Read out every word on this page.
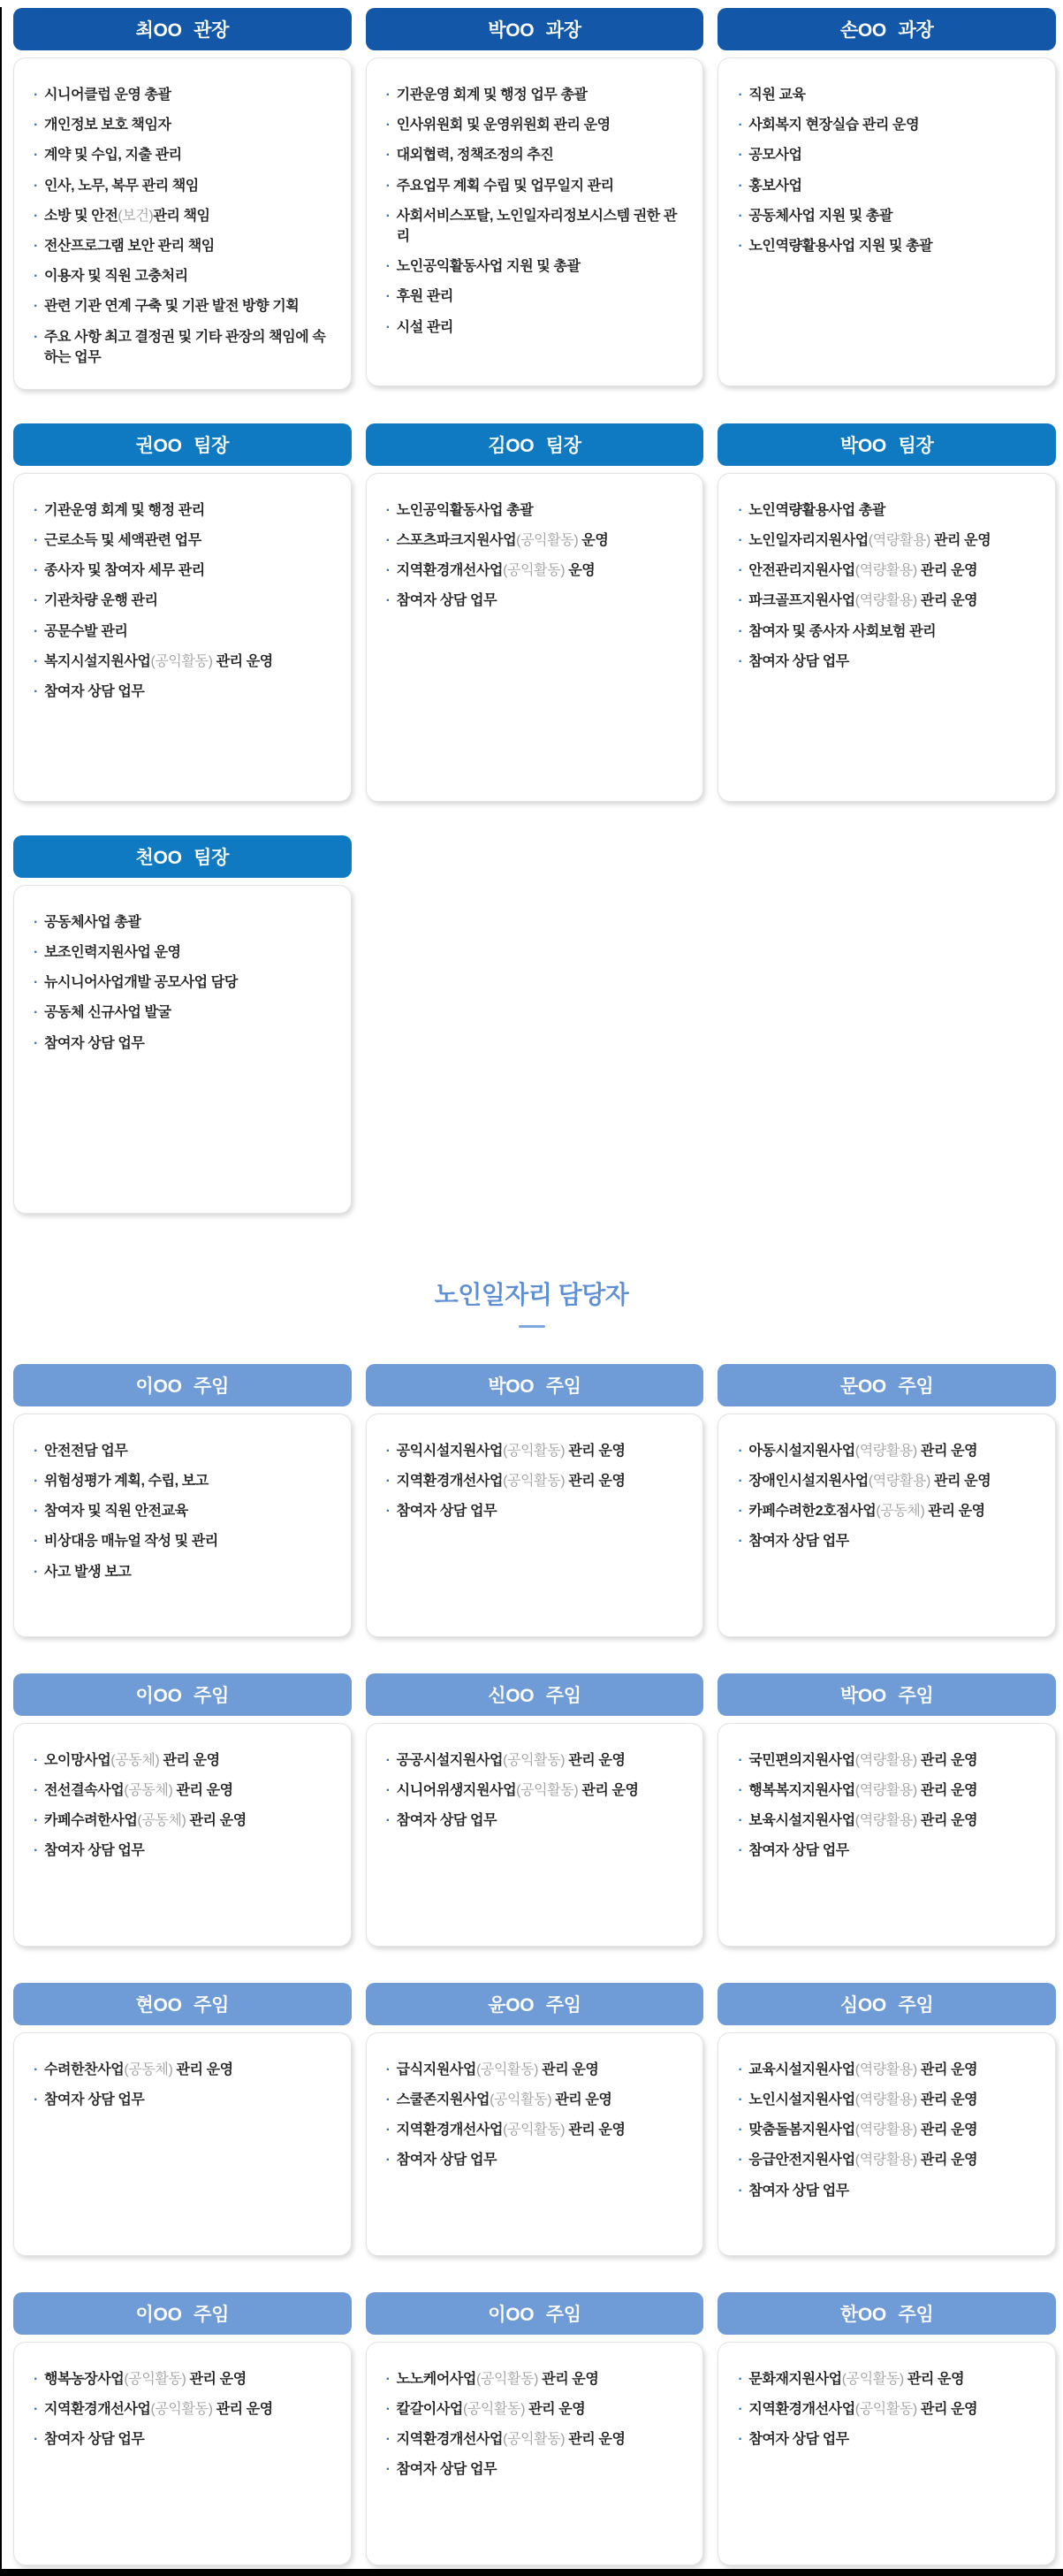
최OO 관장
· 시니어클럽 운영 총괄
· 개인정보 보호 책임자
· 계약 및 수입, 지출 관리
· 인사, 노무, 복무 관리 책임
· 소방 및 안전(보건)관리 책임
· 전산프로그램 보안 관리 책임
· 이용자 및 직원 고충처리
· 관련 기관 연계 구축 및 기관 발전 방향 기획
· 주요 사항 최고 결정권 및 기타 관장의 책임에 속하는 업무
박OO 과장
· 기관운영 회계 및 행정 업무 총괄
· 인사위원회 및 운영위원회 관리 운영
· 대외협력, 정책조정의 추진
· 주요업무 계획 수립 및 업무일지 관리
· 사회서비스포탈, 노인일자리정보시스템 권한 관리
· 노인공익활동사업 지원 및 총괄
· 후원 관리
· 시설 관리
손OO 과장
· 직원 교육
· 사회복지 현장실습 관리 운영
· 공모사업
· 홍보사업
· 공동체사업 지원 및 총괄
· 노인역량활용사업 지원 및 총괄
권OO 팀장
· 기관운영 회계 및 행정 관리
· 근로소득 및 세액관련 업무
· 종사자 및 참여자 세무 관리
· 기관차량 운행 관리
· 공문수발 관리
· 복지시설지원사업(공익활동) 관리 운영
· 참여자 상담 업무
김OO 팀장
· 노인공익활동사업 총괄
· 스포츠파크지원사업(공익활동) 운영
· 지역환경개선사업(공익활동) 운영
· 참여자 상담 업무
박OO 팀장
· 노인역량활용사업 총괄
· 노인일자리지원사업(역량활용) 관리 운영
· 안전관리지원사업(역량활용) 관리 운영
· 파크골프지원사업(역량활용) 관리 운영
· 참여자 및 종사자 사회보험 관리
· 참여자 상담 업무
천OO 팀장
· 공동체사업 총괄
· 보조인력지원사업 운영
· 뉴시니어사업개발 공모사업 담당
· 공동체 신규사업 발굴
· 참여자 상담 업무
노인일자리 담당자
이OO 주임
· 안전전담 업무
· 위험성평가 계획, 수립, 보고
· 참여자 및 직원 안전교육
· 비상대응 매뉴얼 작성 및 관리
· 사고 발생 보고
박OO 주임
· 공익시설지원사업(공익활동) 관리 운영
· 지역환경개선사업(공익활동) 관리 운영
· 참여자 상담 업무
문OO 주임
· 아동시설지원사업(역량활용) 관리 운영
· 장애인시설지원사업(역량활용) 관리 운영
· 카페수려한2호점사업(공동체) 관리 운영
· 참여자 상담 업무
이OO 주임
· 오이망사업(공동체) 관리 운영
· 전선결속사업(공동체) 관리 운영
· 카페수려한사업(공동체) 관리 운영
· 참여자 상담 업무
신OO 주임
· 공공시설지원사업(공익활동) 관리 운영
· 시니어위생지원사업(공익활동) 관리 운영
· 참여자 상담 업무
박OO 주임
· 국민편의지원사업(역량활용) 관리 운영
· 행복복지지원사업(역량활용) 관리 운영
· 보육시설지원사업(역량활용) 관리 운영
· 참여자 상담 업무
현OO 주임
· 수려한찬사업(공동체) 관리 운영
· 참여자 상담 업무
윤OO 주임
· 급식지원사업(공익활동) 관리 운영
· 스쿨존지원사업(공익활동) 관리 운영
· 지역환경개선사업(공익활동) 관리 운영
· 참여자 상담 업무
심OO 주임
· 교육시설지원사업(역량활용) 관리 운영
· 노인시설지원사업(역량활용) 관리 운영
· 맞춤돌봄지원사업(역량활용) 관리 운영
· 응급안전지원사업(역량활용) 관리 운영
· 참여자 상담 업무
이OO 주임
· 행복농장사업(공익활동) 관리 운영
· 지역환경개선사업(공익활동) 관리 운영
· 참여자 상담 업무
이OO 주임
· 노노케어사업(공익활동) 관리 운영
· 칼갈이사업(공익활동) 관리 운영
· 지역환경개선사업(공익활동) 관리 운영
· 참여자 상담 업무
한OO 주임
· 문화재지원사업(공익활동) 관리 운영
· 지역환경개선사업(공익활동) 관리 운영
· 참여자 상담 업무
